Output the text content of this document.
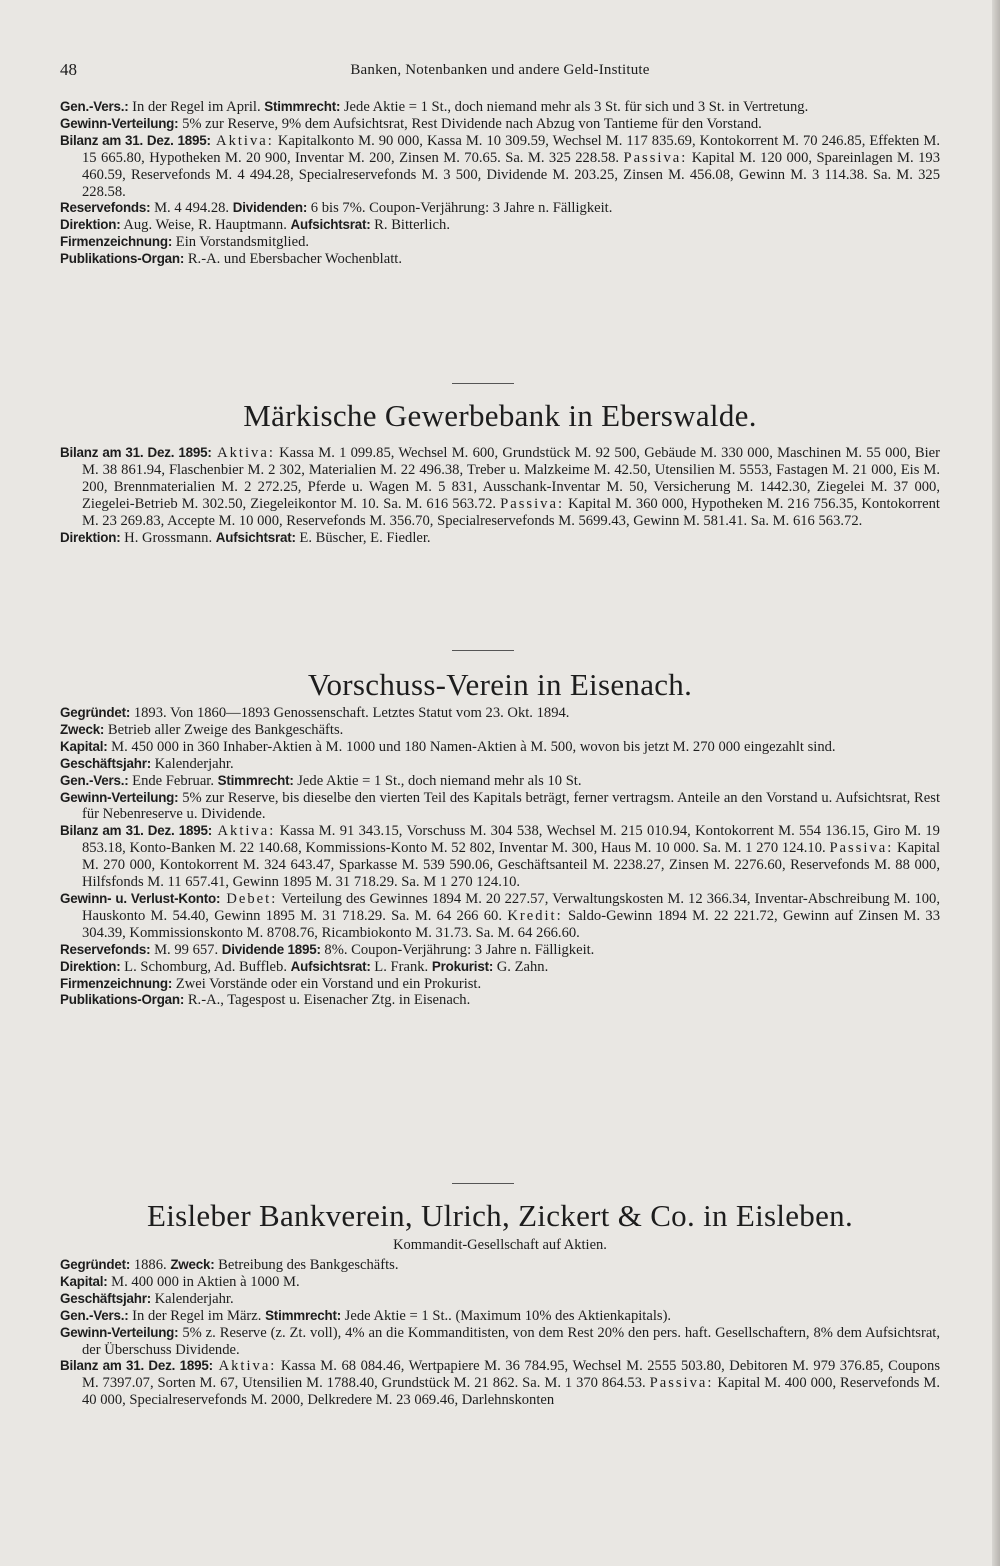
48	Banken, Notenbanken und andere Geld-Institute

Gen.-Vers.: In der Regel im April. Stimmrecht: Jede Aktie = 1 St., doch niemand mehr als 3 St. für sich und 3 St. in Vertretung.

Gewinn-Verteilung: 5% zur Reserve, 9% dem Aufsichtsrat, Rest Dividende nach Abzug von Tantieme für den Vorstand.

Bilanz am 31. Dez. 1895: Aktiva: Kapitalkonto M. 90 000, Kassa M. 10 309.59, Wechsel M. 117 835.69, Kontokorrent M. 70 246.85, Effekten M. 15 665.80, Hypotheken M. 20 900, Inventar M. 200, Zinsen M. 70.65. Sa. M. 325 228.58. Passiva: Kapital M. 120 000, Spareinlagen M. 193 460.59, Reservefonds M. 4 494.28, Specialreservefonds M. 3 500, Dividende M. 203.25, Zinsen M. 456.08, Gewinn M. 3 114.38. Sa. M. 325 228.58.

Reservefonds: M. 4 494.28. Dividenden: 6 bis 7%. Coupon-Verjährung: 3 Jahre n. Fälligkeit.

Direktion: Aug. Weise, R. Hauptmann. Aufsichtsrat: R. Bitterlich.

Firmenzeichnung: Ein Vorstandsmitglied.

Publikations-Organ: R.-A. und Ebersbacher Wochenblatt.

Märkische Gewerbebank in Eberswalde.

Bilanz am 31. Dez. 1895: Aktiva: Kassa M. 1 099.85, Wechsel M. 600, Grundstück M. 92 500, Gebäude M. 330 000, Maschinen M. 55 000, Bier M. 38 861.94, Flaschenbier M. 2 302, Materialien M. 22 496.38, Treber u. Malzkeime M. 42.50, Utensilien M. 5553, Fastagen M. 21 000, Eis M. 200, Brennmaterialien M. 2 272.25, Pferde u. Wagen M. 5 831, Ausschank-Inventar M. 50, Versicherung M. 1442.30, Ziegelei M. 37 000, Ziegelei-Betrieb M. 302.50, Ziegeleikontor M. 10. Sa. M. 616 563.72. Passiva: Kapital M. 360 000, Hypotheken M. 216 756.35, Kontokorrent M. 23 269.83, Accepte M. 10 000, Reservefonds M. 356.70, Specialreservefonds M. 5699.43, Gewinn M. 581.41. Sa. M. 616 563.72.

Direktion: H. Grossmann. Aufsichtsrat: E. Büscher, E. Fiedler.

Vorschuss-Verein in Eisenach.

Gegründet: 1893. Von 1860—1893 Genossenschaft. Letztes Statut vom 23. Okt. 1894.

Zweck: Betrieb aller Zweige des Bankgeschäfts.

Kapital: M. 450 000 in 360 Inhaber-Aktien à M. 1000 und 180 Namen-Aktien à M. 500, wovon bis jetzt M. 270 000 eingezahlt sind.

Geschäftsjahr: Kalenderjahr.

Gen.-Vers.: Ende Februar. Stimmrecht: Jede Aktie = 1 St., doch niemand mehr als 10 St.

Gewinn-Verteilung: 5% zur Reserve, bis dieselbe den vierten Teil des Kapitals beträgt, ferner vertragsm. Anteile an den Vorstand u. Aufsichtsrat, Rest für Nebenreserve u. Dividende.

Bilanz am 31. Dez. 1895: Aktiva: Kassa M. 91 343.15, Vorschuss M. 304 538, Wechsel M. 215 010.94, Kontokorrent M. 554 136.15, Giro M. 19 853.18, Konto-Banken M. 22 140.68, Kommissions-Konto M. 52 802, Inventar M. 300, Haus M. 10 000. Sa. M. 1 270 124.10. Passiva: Kapital M. 270 000, Kontokorrent M. 324 643.47, Sparkasse M. 539 590.06, Geschäftsanteil M. 2238.27, Zinsen M. 2276.60, Reservefonds M. 88 000, Hilfsfonds M. 11 657.41, Gewinn 1895 M. 31 718.29. Sa. M 1 270 124.10.

Gewinn- u. Verlust-Konto: Debet: Verteilung des Gewinnes 1894 M. 20 227.57, Verwaltungskosten M. 12 366.34, Inventar-Abschreibung M. 100, Hauskonto M. 54.40, Gewinn 1895 M. 31 718.29. Sa. M. 64 266 60. Kredit: Saldo-Gewinn 1894 M. 22 221.72, Gewinn auf Zinsen M. 33 304.39, Kommissionskonto M. 8708.76, Ricambiokonto M. 31.73. Sa. M. 64 266.60.

Reservefonds: M. 99 657. Dividende 1895: 8%. Coupon-Verjährung: 3 Jahre n. Fälligkeit.

Direktion: L. Schomburg, Ad. Buffleb. Aufsichtsrat: L. Frank. Prokurist: G. Zahn.

Firmenzeichnung: Zwei Vorstände oder ein Vorstand und ein Prokurist.

Publikations-Organ: R.-A., Tagespost u. Eisenacher Ztg. in Eisenach.

Eisleber Bankverein, Ulrich, Zickert & Co. in Eisleben.
Kommandit-Gesellschaft auf Aktien.

Gegründet: 1886. Zweck: Betreibung des Bankgeschäfts.

Kapital: M. 400 000 in Aktien à 1000 M.

Geschäftsjahr: Kalenderjahr.

Gen.-Vers.: In der Regel im März. Stimmrecht: Jede Aktie = 1 St.. (Maximum 10% des Aktienkapitals).

Gewinn-Verteilung: 5% z. Reserve (z. Zt. voll), 4% an die Kommanditisten, von dem Rest 20% den pers. haft. Gesellschaftern, 8% dem Aufsichtsrat, der Überschuss Dividende.

Bilanz am 31. Dez. 1895: Aktiva: Kassa M. 68 084.46, Wertpapiere M. 36 784.95, Wechsel M. 2555 503.80, Debitoren M. 979 376.85, Coupons M. 7397.07, Sorten M. 67, Utensilien M. 1788.40, Grundstück M. 21 862. Sa. M. 1 370 864.53. Passiva: Kapital M. 400 000, Reservefonds M. 40 000, Specialreservefonds M. 2000, Delkredere M. 23 069.46, Darlehnskonten
